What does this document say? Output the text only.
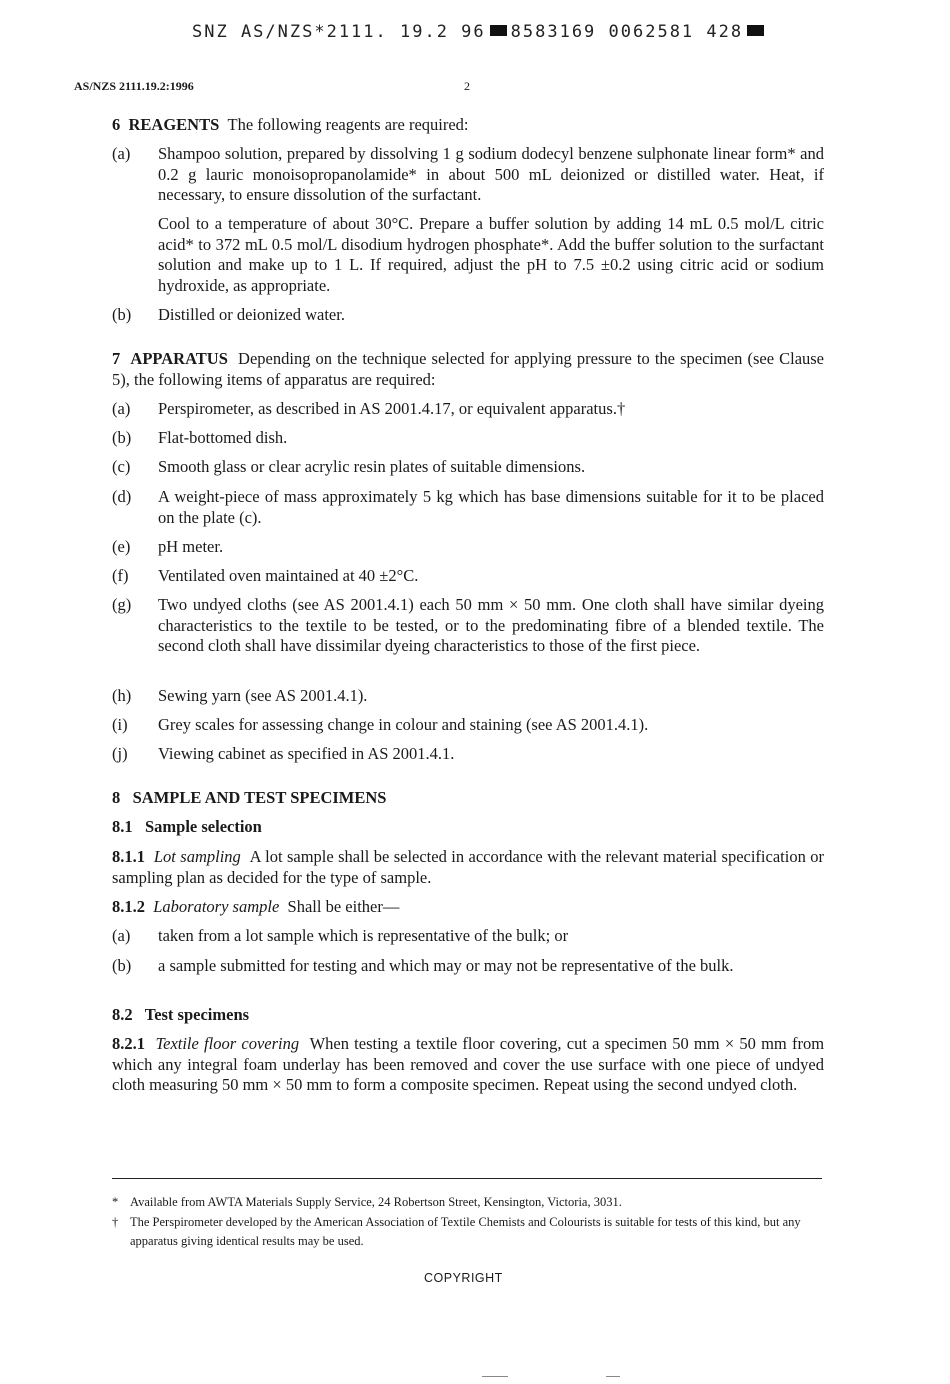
SNZ AS/NZS*2111. 19.2 96 8583169 0062581 428
AS/NZS 2111.19.2:1996	2
6 REAGENTS The following reagents are required:
(a)	Shampoo solution, prepared by dissolving 1 g sodium dodecyl benzene sulphonate linear form* and 0.2 g lauric monoisopropanolamide* in about 500 mL deionized or distilled water. Heat, if necessary, to ensure dissolution of the surfactant.
Cool to a temperature of about 30°C. Prepare a buffer solution by adding 14 mL 0.5 mol/L citric acid* to 372 mL 0.5 mol/L disodium hydrogen phosphate*. Add the buffer solution to the surfactant solution and make up to 1 L. If required, adjust the pH to 7.5 ±0.2 using citric acid or sodium hydroxide, as appropriate.
(b)	Distilled or deionized water.
7 APPARATUS Depending on the technique selected for applying pressure to the specimen (see Clause 5), the following items of apparatus are required:
(a)	Perspirometer, as described in AS 2001.4.17, or equivalent apparatus.†
(b)	Flat-bottomed dish.
(c)	Smooth glass or clear acrylic resin plates of suitable dimensions.
(d)	A weight-piece of mass approximately 5 kg which has base dimensions suitable for it to be placed on the plate (c).
(e)	pH meter.
(f)	Ventilated oven maintained at 40 ±2°C.
(g)	Two undyed cloths (see AS 2001.4.1) each 50 mm × 50 mm. One cloth shall have similar dyeing characteristics to the textile to be tested, or to the predominating fibre of a blended textile. The second cloth shall have dissimilar dyeing characteristics to those of the first piece.
(h)	Sewing yarn (see AS 2001.4.1).
(i)	Grey scales for assessing change in colour and staining (see AS 2001.4.1).
(j)	Viewing cabinet as specified in AS 2001.4.1.
8   SAMPLE AND TEST SPECIMENS
8.1   Sample selection
8.1.1 Lot sampling A lot sample shall be selected in accordance with the relevant material specification or sampling plan as decided for the type of sample.
8.1.2 Laboratory sample Shall be either—
(a)	taken from a lot sample which is representative of the bulk; or
(b)	a sample submitted for testing and which may or may not be representative of the bulk.
8.2   Test specimens
8.2.1 Textile floor covering When testing a textile floor covering, cut a specimen 50 mm × 50 mm from which any integral foam underlay has been removed and cover the use surface with one piece of undyed cloth measuring 50 mm × 50 mm to form a composite specimen. Repeat using the second undyed cloth.
* Available from AWTA Materials Supply Service, 24 Robertson Street, Kensington, Victoria, 3031.
† The Perspirometer developed by the American Association of Textile Chemists and Colourists is suitable for tests of this kind, but any apparatus giving identical results may be used.
COPYRIGHT
